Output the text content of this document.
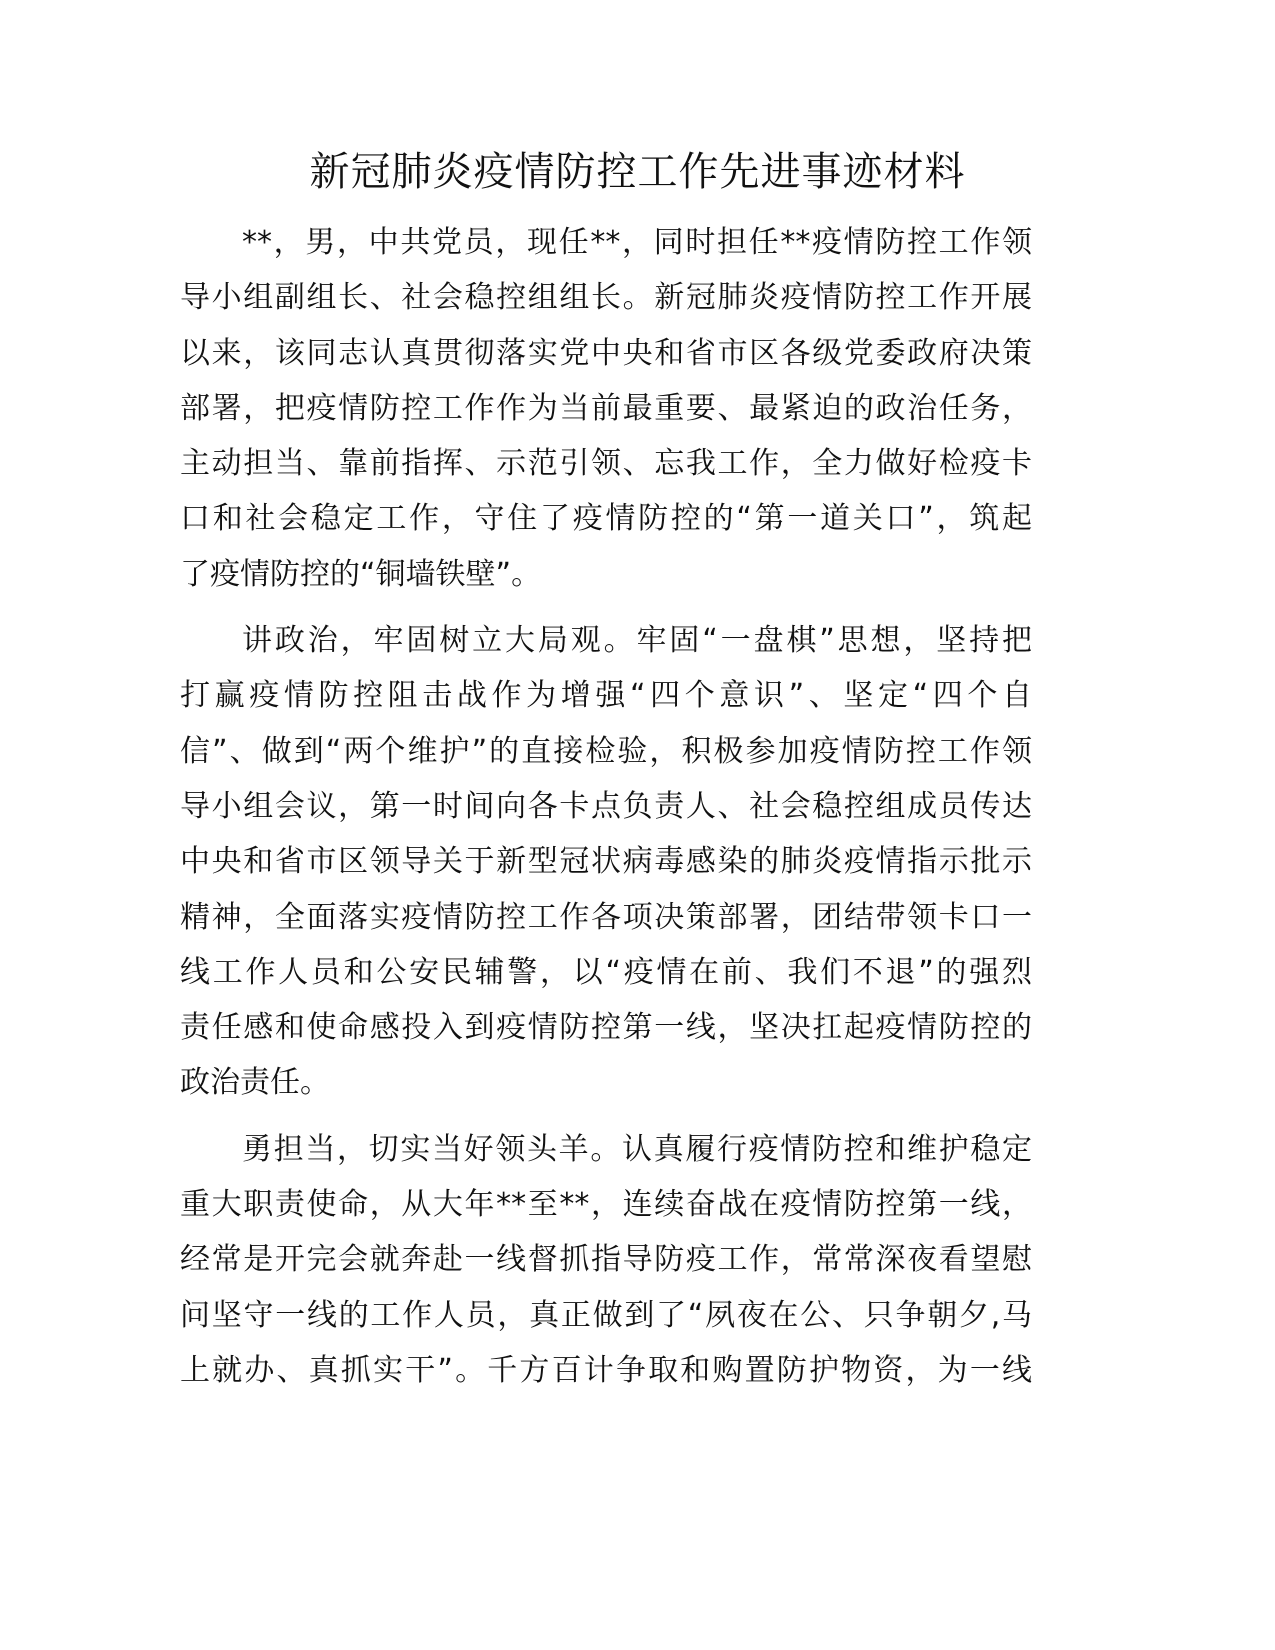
新冠肺炎疫情防控工作先进事迹材料
**，男，中共党员，现任**，同时担任**疫情防控工作领
导小组副组长、社会稳控组组长。新冠肺炎疫情防控工作开展
以来，该同志认真贯彻落实党中央和省市区各级党委政府决策
部署，把疫情防控工作作为当前最重要、最紧迫的政治任务，
主动担当、靠前指挥、示范引领、忘我工作，全力做好检疫卡
口和社会稳定工作，守住了疫情防控的“第一道关口”，筑起
了疫情防控的“铜墙铁壁”。
讲政治，牢固树立大局观。牢固“一盘棋”思想，坚持把
打赢疫情防控阻击战作为增强“四个意识”、坚定“四个自
信”、做到“两个维护”的直接检验，积极参加疫情防控工作领
导小组会议，第一时间向各卡点负责人、社会稳控组成员传达
中央和省市区领导关于新型冠状病毒感染的肺炎疫情指示批示
精神，全面落实疫情防控工作各项决策部署，团结带领卡口一
线工作人员和公安民辅警，以“疫情在前、我们不退”的强烈
责任感和使命感投入到疫情防控第一线，坚决扛起疫情防控的
政治责任。
勇担当，切实当好领头羊。认真履行疫情防控和维护稳定
重大职责使命，从大年**至**，连续奋战在疫情防控第一线，
经常是开完会就奔赴一线督抓指导防疫工作，常常深夜看望慰
问坚守一线的工作人员，真正做到了“夙夜在公、只争朝夕,马
上就办、真抓实干”。千方百计争取和购置防护物资，为一线
